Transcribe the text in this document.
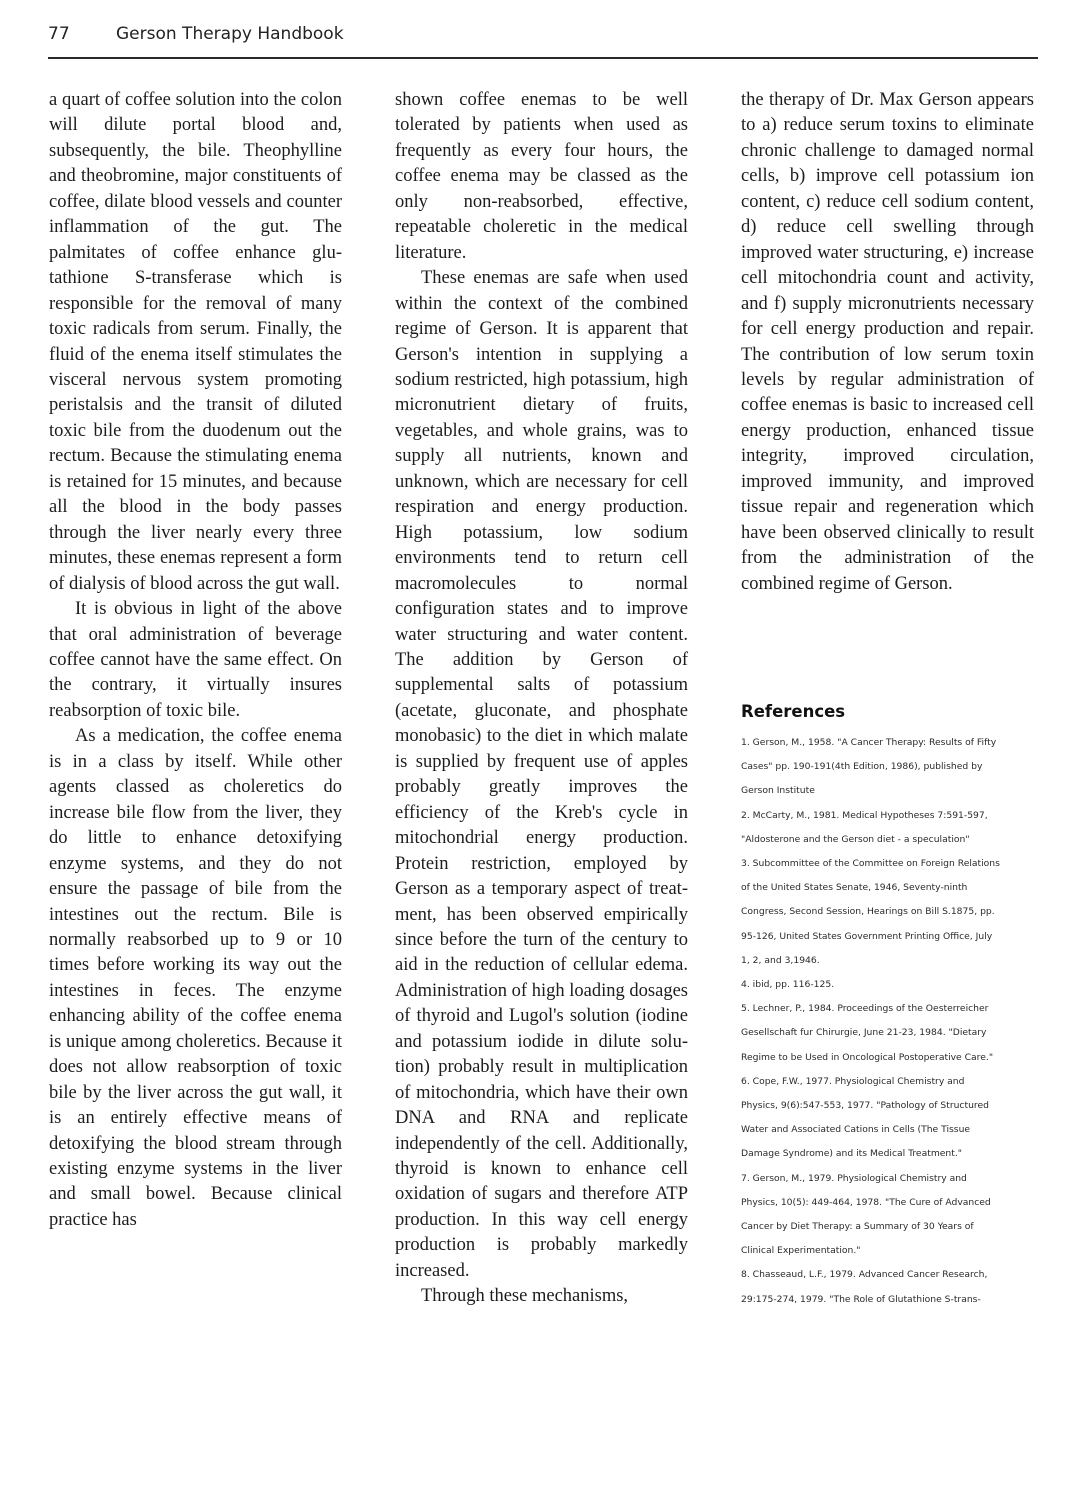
77	Gerson Therapy Handbook

a quart of coffee solution into the colon will dilute portal blood and, subsequently, the bile. Theophylline and theobromine, major constituents of coffee, dilate blood vessels and counter inflammation of the gut. The palmitates of coffee enhance glutathione S-transferase which is responsible for the removal of many toxic radicals from serum. Finally, the fluid of the enema itself stimulates the visceral nervous system promoting peristalsis and the transit of diluted toxic bile from the duodenum out the rectum. Because the stimulating enema is retained for 15 minutes, and because all the blood in the body passes through the liver nearly every three minutes, these enemas represent a form of dialysis of blood across the gut wall.

It is obvious in light of the above that oral administration of beverage coffee cannot have the same effect. On the contrary, it virtually insures reabsorption of toxic bile.

As a medication, the coffee enema is in a class by itself. While other agents classed as choleretics do increase bile flow from the liver, they do little to enhance detoxifying enzyme systems, and they do not ensure the passage of bile from the intestines out the rectum. Bile is normally reabsorbed up to 9 or 10 times before working its way out the intestines in feces. The enzyme enhancing ability of the coffee enema is unique among choleretics. Because it does not allow reabsorption of toxic bile by the liver across the gut wall, it is an entirely effective means of detoxifying the blood stream through existing enzyme systems in the liver and small bowel. Because clinical practice has

shown coffee enemas to be well tolerated by patients when used as frequently as every four hours, the coffee enema may be classed as the only non-reabsorbed, effective, repeatable choleretic in the medical literature.

These enemas are safe when used within the context of the combined regime of Gerson. It is apparent that Gerson's intention in supplying a sodium restricted, high potassium, high micronutrient dietary of fruits, vegetables, and whole grains, was to supply all nutrients, known and unknown, which are necessary for cell respiration and energy production. High potassium, low sodium environments tend to return cell macromolecules to normal configuration states and to improve water structuring and water content. The addition by Gerson of supplemental salts of potassium (acetate, gluconate, and phosphate monobasic) to the diet in which malate is supplied by frequent use of apples probably greatly improves the efficiency of the Kreb's cycle in mitochondrial energy production. Protein restriction, employed by Gerson as a temporary aspect of treatment, has been observed empirically since before the turn of the century to aid in the reduction of cellular edema. Administration of high loading dosages of thyroid and Lugol's solution (iodine and potassium iodide in dilute solution) probably result in multiplication of mitochondria, which have their own DNA and RNA and replicate independently of the cell. Additionally, thyroid is known to enhance cell oxidation of sugars and therefore ATP production. In this way cell energy production is probably markedly increased.

Through these mechanisms,

the therapy of Dr. Max Gerson appears to a) reduce serum toxins to eliminate chronic challenge to damaged normal cells, b) improve cell potassium ion content, c) reduce cell sodium content, d) reduce cell swelling through improved water structuring, e) increase cell mitochondria count and activity, and f) supply micronutrients necessary for cell energy production and repair. The contribution of low serum toxin levels by regular administration of coffee enemas is basic to increased cell energy production, enhanced tissue integrity, improved circulation, improved immunity, and improved tissue repair and regeneration which have been observed clinically to result from the administration of the combined regime of Gerson.

References
1. Gerson, M., 1958. "A Cancer Therapy: Results of Fifty
Cases" pp. 190-191(4th Edition, 1986), published by
Gerson Institute
2. McCarty, M., 1981. Medical Hypotheses 7:591-597,
"Aldosterone and the Gerson diet - a speculation"
3. Subcommittee of the Committee on Foreign Relations
of the United States Senate, 1946, Seventy-ninth
Congress, Second Session, Hearings on Bill S.1875, pp.
95-126, United States Government Printing Office, July
1, 2, and 3,1946.
4. ibid, pp. 116-125.
5. Lechner, P., 1984. Proceedings of the Oesterreicher
Gesellschaft fur Chirurgie, June 21-23, 1984. "Dietary
Regime to be Used in Oncological Postoperative Care."
6. Cope, F.W., 1977. Physiological Chemistry and
Physics, 9(6):547-553, 1977. "Pathology of Structured
Water and Associated Cations in Cells (The Tissue
Damage Syndrome) and its Medical Treatment."
7. Gerson, M., 1979. Physiological Chemistry and
Physics, 10(5): 449-464, 1978. "The Cure of Advanced
Cancer by Diet Therapy: a Summary of 30 Years of
Clinical Experimentation."
8. Chasseaud, L.F., 1979. Advanced Cancer Research,
29:175-274, 1979. "The Role of Glutathione S-trans-
